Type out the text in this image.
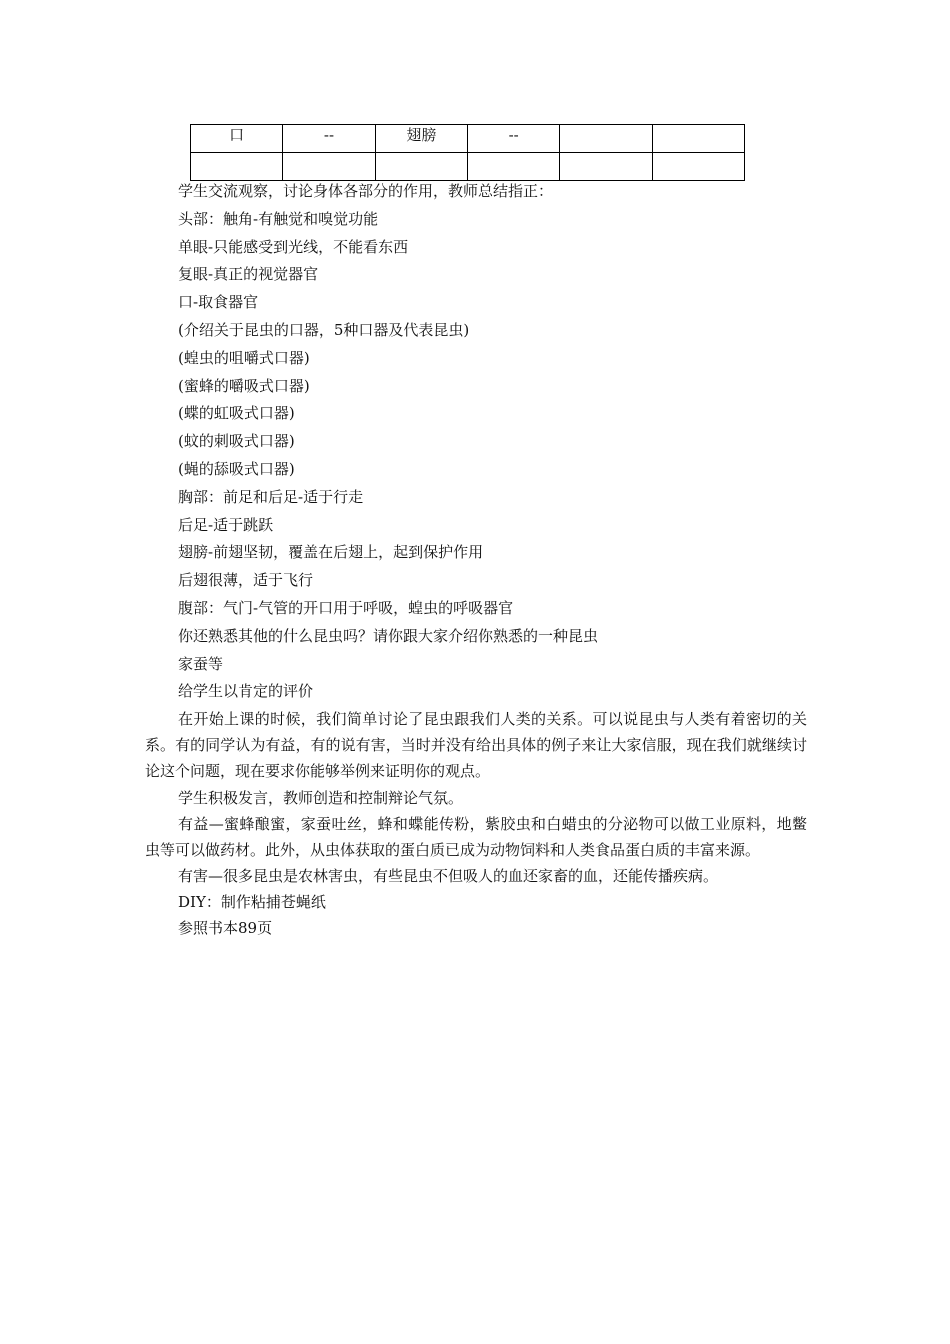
口	--	翅膀	--		

学生交流观察，讨论身体各部分的作用，教师总结指正：

头部：触角-有触觉和嗅觉功能

单眼-只能感受到光线，不能看东西

复眼-真正的视觉器官

口-取食器官

(介绍关于昆虫的口器，5种口器及代表昆虫)

(蝗虫的咀嚼式口器)

(蜜蜂的嚼吸式口器)

(蝶的虹吸式口器)

(蚊的刺吸式口器)

(蝇的舔吸式口器)

胸部：前足和后足-适于行走

后足-适于跳跃

翅膀-前翅坚韧，覆盖在后翅上，起到保护作用

后翅很薄，适于飞行

腹部：气门-气管的开口用于呼吸，蝗虫的呼吸器官

你还熟悉其他的什么昆虫吗？请你跟大家介绍你熟悉的一种昆虫

家蚕等

给学生以肯定的评价

在开始上课的时候，我们简单讨论了昆虫跟我们人类的关系。可以说昆虫与人类有着密切的关系。有的同学认为有益，有的说有害，当时并没有给出具体的例子来让大家信服，现在我们就继续讨论这个问题，现在要求你能够举例来证明你的观点。

学生积极发言，教师创造和控制辩论气氛。

有益—蜜蜂酿蜜，家蚕吐丝，蜂和蝶能传粉，紫胶虫和白蜡虫的分泌物可以做工业原料，地鳖虫等可以做药材。此外，从虫体获取的蛋白质已成为动物饲料和人类食品蛋白质的丰富来源。

有害—很多昆虫是农林害虫，有些昆虫不但吸人的血还家畜的血，还能传播疾病。

DIY：制作粘捕苍蝇纸

参照书本89页
